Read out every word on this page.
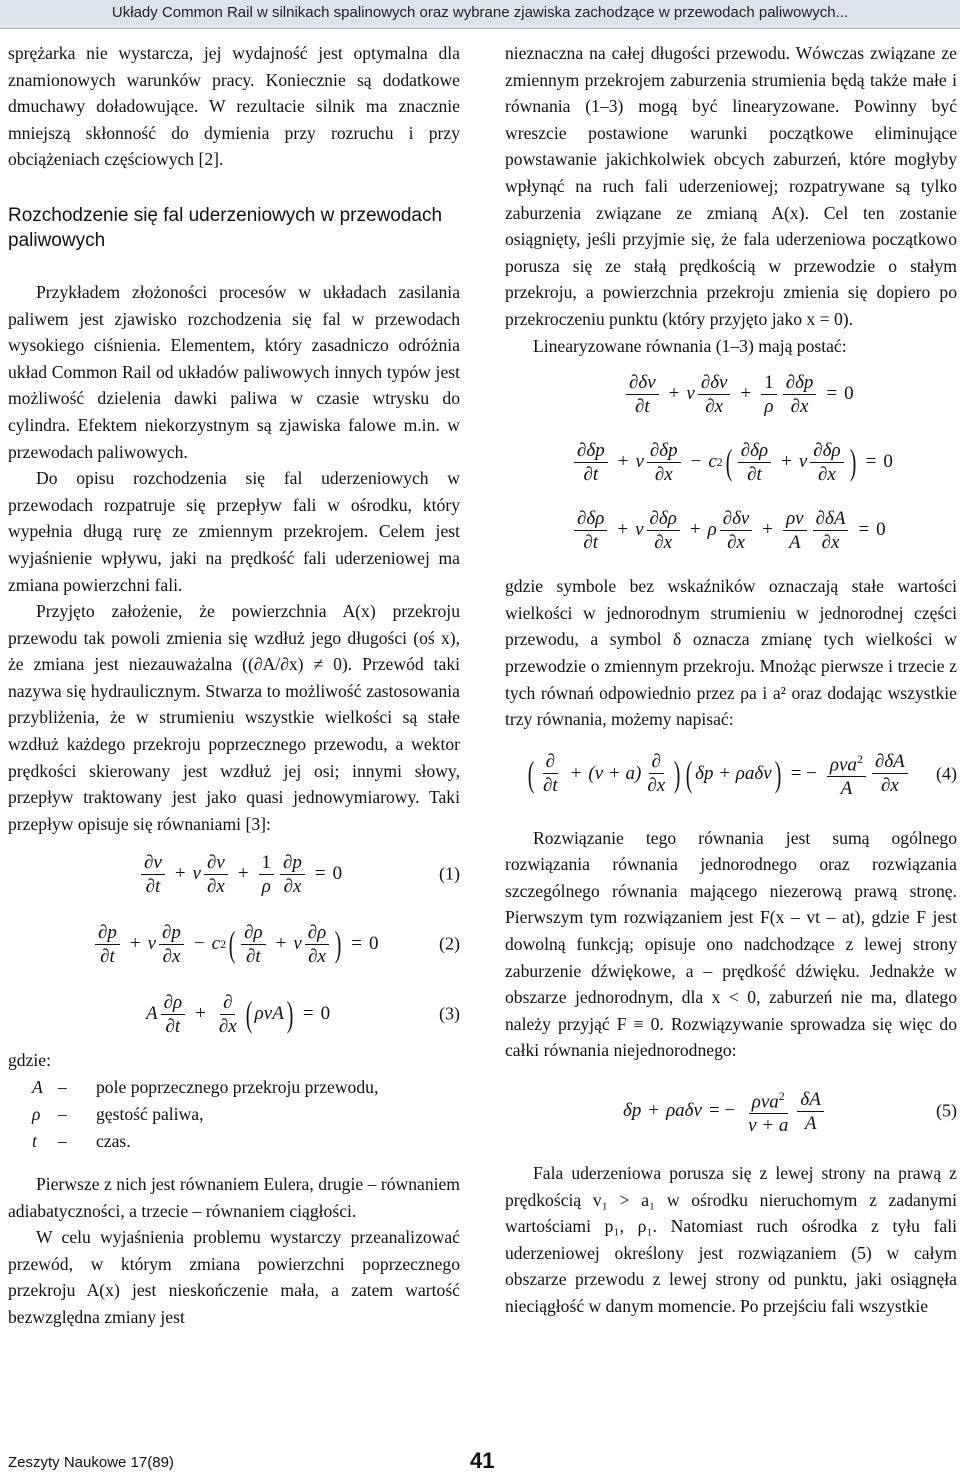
Układy Common Rail w silnikach spalinowych oraz wybrane zjawiska zachodzące w przewodach paliwowych...

sprężarka nie wystarcza, jej wydajność jest optymalna dla znamionowych warunków pracy. Koniecznie są dodatkowe dmuchawy doładowujące. W rezultacie silnik ma znacznie mniejszą skłonność do dymienia przy rozruchu i przy obciążeniach częściowych [2].

Rozchodzenie się fal uderzeniowych w przewodach paliwowych

Przykładem złożoności procesów w układach zasilania paliwem jest zjawisko rozchodzenia się fal w przewodach wysokiego ciśnienia. Elementem, który zasadniczo odróżnia układ Common Rail od układów paliwowych innych typów jest możliwość dzielenia dawki paliwa w czasie wtrysku do cylindra. Efektem niekorzystnym są zjawiska falowe m.in. w przewodach paliwowych.

Do opisu rozchodzenia się fal uderzeniowych w przewodach rozpatruje się przepływ fali w ośrodku, który wypełnia długą rurę ze zmiennym przekrojem. Celem jest wyjaśnienie wpływu, jaki na prędkość fali uderzeniowej ma zmiana powierzchni fali.

Przyjęto założenie, że powierzchnia A(x) przekroju przewodu tak powoli zmienia się wzdłuż jego długości (oś x), że zmiana jest niezauważalna ((∂A/∂x) ≠ 0). Przewód taki nazywa się hydraulicznym. Stwarza to możliwość zastosowania przybliżenia, że w strumieniu wszystkie wielkości są stałe wzdłuż każdego przekroju poprzecznego przewodu, a wektor prędkości skierowany jest wzdłuż jej osi; innymi słowy, przepływ traktowany jest jako quasi jednowymiarowy. Taki przepływ opisuje się równaniami [3]:

$\frac{\partial v}{\partial t} + v \frac{\partial v}{\partial x} + \frac{1}{\rho} \frac{\partial p}{\partial x} = 0$	(1)
$\frac{\partial p}{\partial t} + v \frac{\partial p}{\partial x} - c$ 2 ( $\frac{\partial\rho}{\partial t} + v \frac{\partial\rho}{\partial x}$ ) = 0	(2)
A $\frac{\partial\rho}{\partial t} + \frac{\partial}{\partial x}$ ( ρvA ) = 0	(3)

gdzie:

A –	pole poprzecznego przekroju przewodu,
ρ –	gęstość paliwa,
t	–	czas.

Pierwsze z nich jest równaniem Eulera, drugie – równaniem adiabatyczności, a trzecie – równaniem ciągłości.

W celu wyjaśnienia problemu wystarczy przeanalizować przewód, w którym zmiana powierzchni poprzecznego przekroju A(x) jest nieskończenie mała, a zatem wartość bezwzględna zmiany jest

nieznaczna na całej długości przewodu. Wówczas związane ze zmiennym przekrojem zaburzenia strumienia będą także małe i równania (1–3) mogą być linearyzowane. Powinny być wreszcie postawione warunki początkowe eliminujące powstawanie jakichkolwiek obcych zaburzeń, które mogłyby wpłynąć na ruch fali uderzeniowej; rozpatrywane są tylko zaburzenia związane ze zmianą A(x). Cel ten zostanie osiągnięty, jeśli przyjmie się, że fala uderzeniowa początkowo porusza się ze stałą prędkością w przewodzie o stałym przekroju, a powierzchnia przekroju zmienia się dopiero po przekroczeniu punktu (który przyjęto jako x = 0).

Linearyzowane równania (1–3) mają postać:

$\frac{\partial\delta v}{\partial t} + v \frac{\partial\delta v}{\partial x} + \frac{1}{\rho} \frac{\partial\delta p}{\partial x} = 0$
$\frac{\partial\delta p}{\partial t} + v \frac{\partial\delta p}{\partial x} - c$ 2 ( $\frac{\partial\delta\rho}{\partial t} + v \frac{\partial\delta\rho}{\partial x}$ ) = 0
$\frac{\partial\delta\rho}{\partial t} + v \frac{\partial\delta\rho}{\partial x} + \rho \frac{\partial\delta v}{\partial x} + \frac{\rho v}{A} \frac{\partial\delta A}{\partial x} = 0$

gdzie symbole bez wskaźników oznaczają stałe wartości wielkości w jednorodnym strumieniu w jednorodnej części przewodu, a symbol δ oznacza zmianę tych wielkości w przewodzie o zmiennym przekroju. Mnożąc pierwsze i trzecie z tych równań odpowiednio przez ρa i a² oraz dodając wszystkie trzy równania, możemy napisać:

( $\frac{\partial}{\partial t} + (v + a) \frac{\partial}{\partial x}$ ) ( δp + ρaδv ) = − $\frac{\rho va^2}{A} \frac{\partial\delta A}{\partial x} (4)$

Rozwiązanie tego równania jest sumą ogólnego rozwiązania równania jednorodnego oraz rozwiązania szczególnego równania mającego niezerową prawą stronę. Pierwszym tym rozwiązaniem jest F(x – vt – at), gdzie F jest dowolną funkcją; opisuje ono nadchodzące z lewej strony zaburzenie dźwiękowe, a – prędkość dźwięku. Jednakże w obszarze jednorodnym, dla x < 0, zaburzeń nie ma, dlatego należy przyjąć F ≡ 0. Rozwiązywanie sprowadza się więc do całki równania niejednorodnego:

δp + ρaδv = − $\frac{\rho va^2}{v + a} \frac{\delta A}{A}$	(5)

Fala uderzeniowa porusza się z lewej strony na prawą z prędkością v₁ > a₁ w ośrodku nieruchomym z zadanymi wartościami p₁, ρ₁. Natomiast ruch ośrodka z tyłu fali uderzeniowej określony jest rozwiązaniem (5) w całym obszarze przewodu z lewej strony od punktu, jaki osiągnęła nieciągłość w danym momencie. Po przejściu fali wszystkie

Zeszyty Naukowe 17(89)	41
